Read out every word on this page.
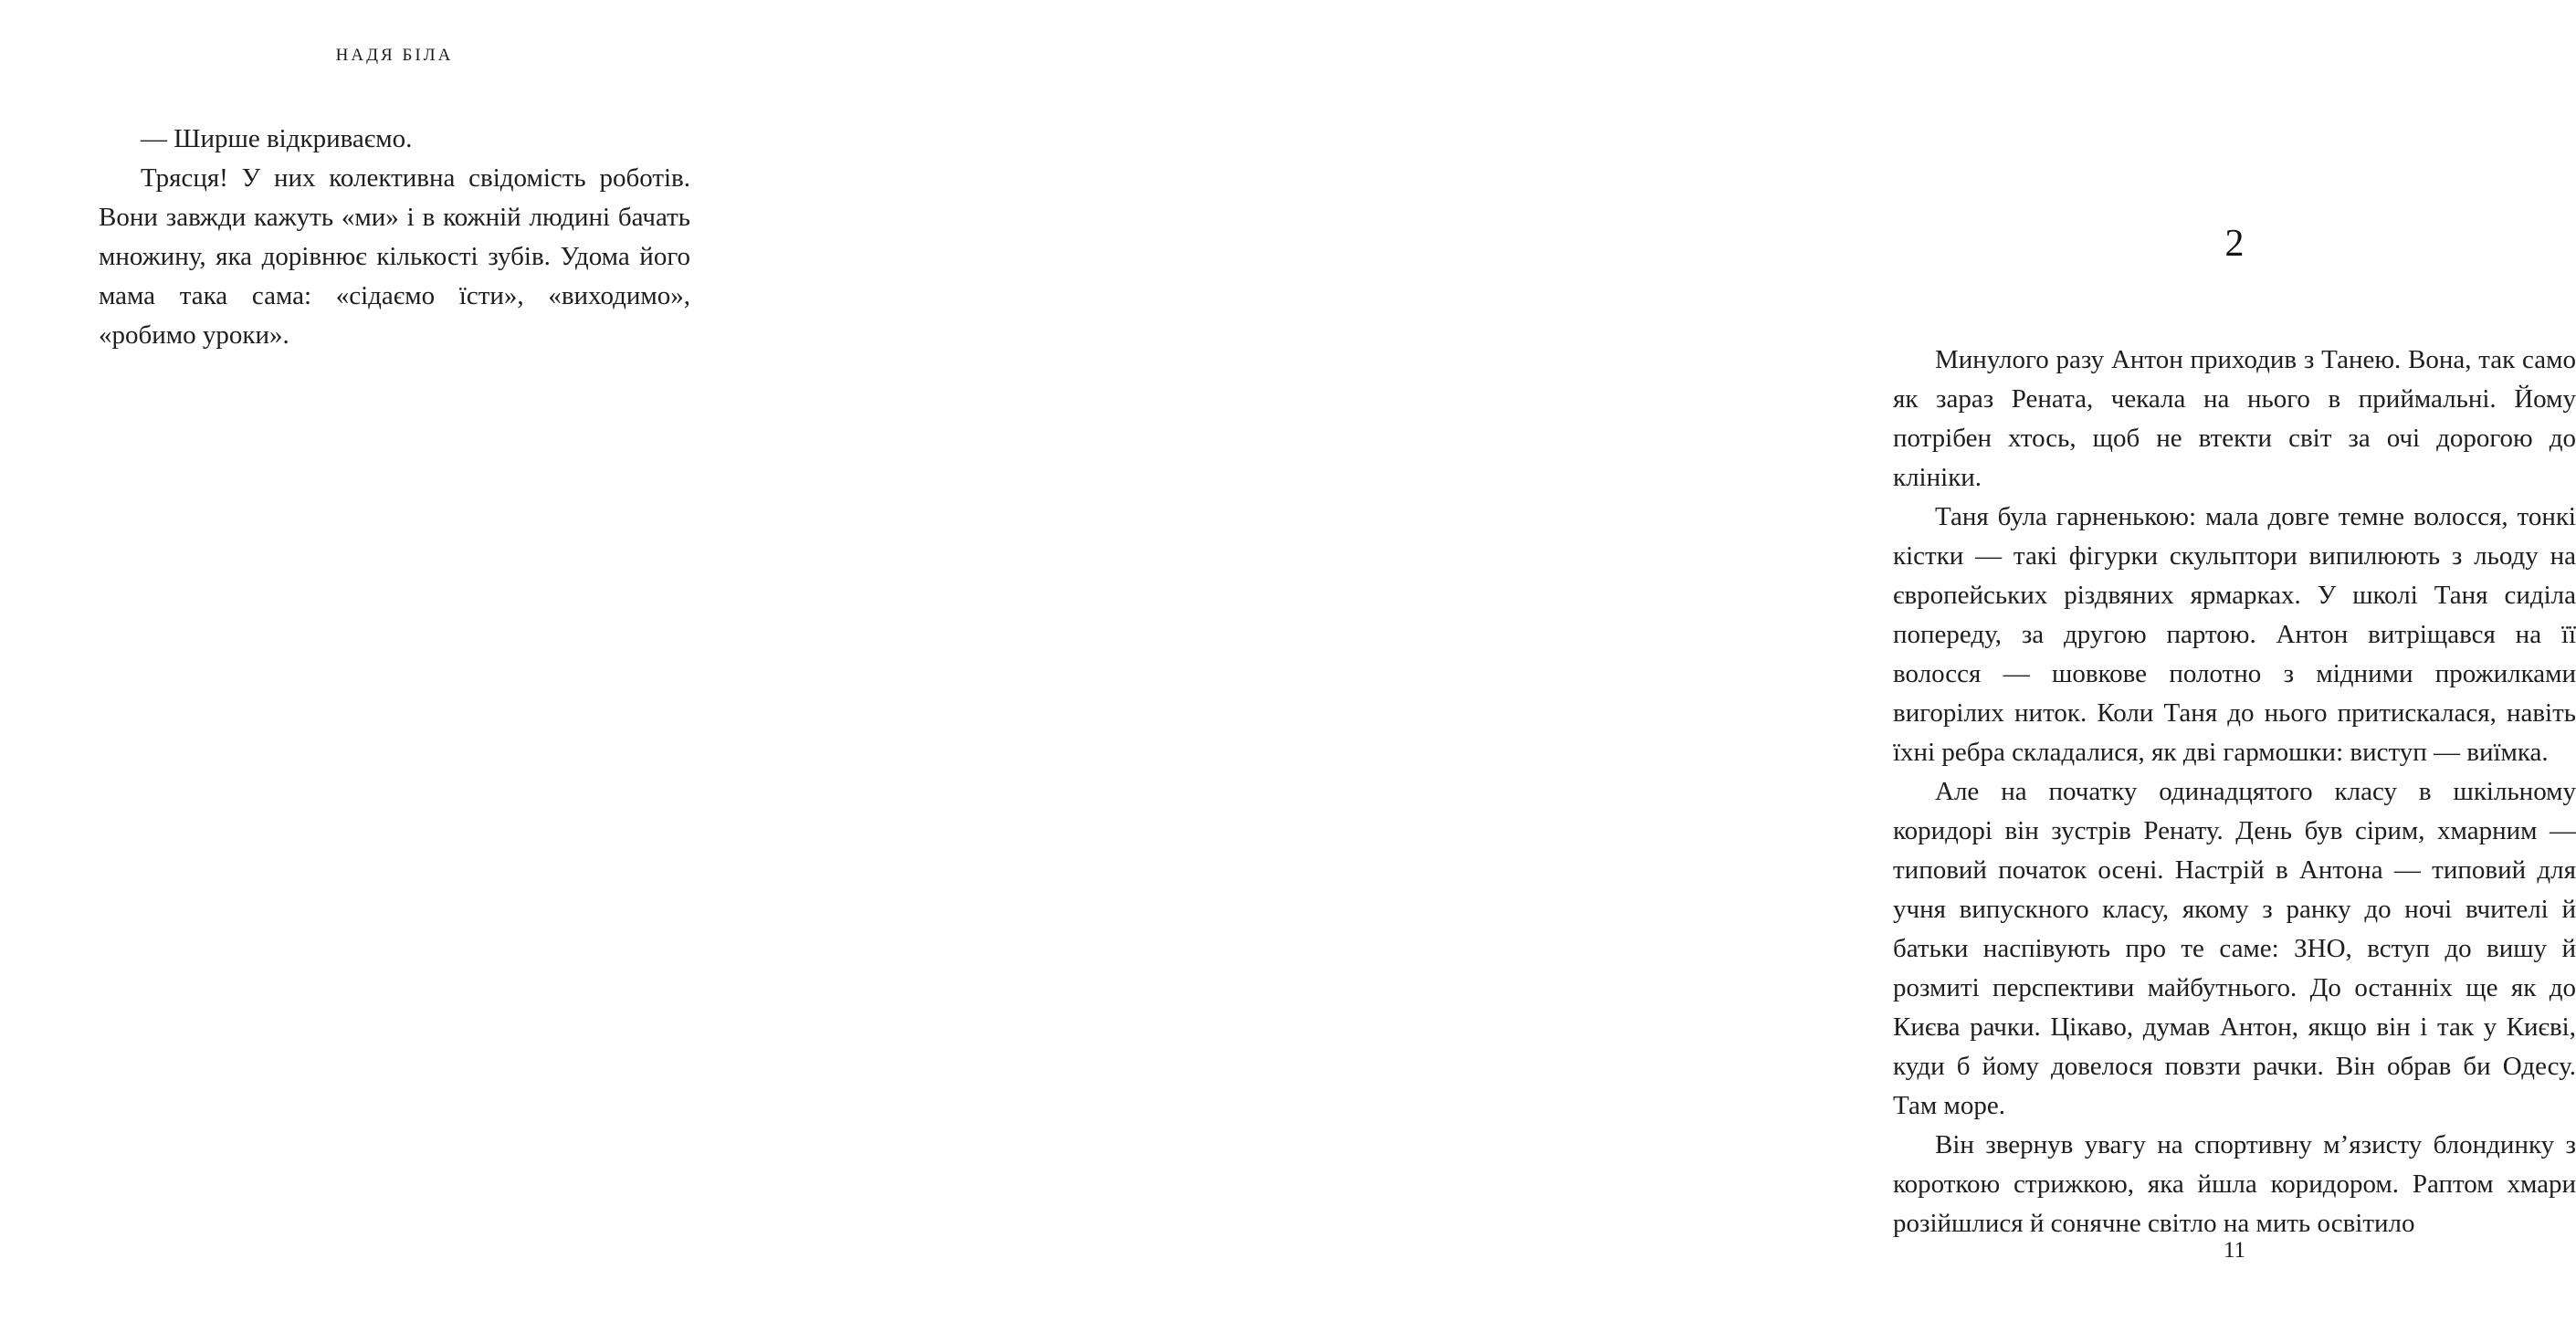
НАДЯ БІЛА

— Ширше відкриваємо.

Трясця! У них колективна свідомість роботів. Вони завжди кажуть «ми» і в кожній людині бачать множину, яка дорівнює кількості зубів. Удома його мама така сама: «сідаємо їсти», «виходимо», «робимо уроки».

2

Минулого разу Антон приходив з Танею. Вона, так само як зараз Рената, чекала на нього в приймальні. Йому потрібен хтось, щоб не втекти світ за очі дорогою до клініки.

Таня була гарненькою: мала довге темне волосся, тонкі кістки — такі фігурки скульптори випилюють з льоду на європейських різдвяних ярмарках. У школі Таня сиділа попереду, за другою партою. Антон витріщався на її волосся — шовкове полотно з мідними прожилками вигорілих ниток. Коли Таня до нього притискалася, навіть їхні ребра складалися, як дві гармошки: виступ — виїмка.

Але на початку одинадцятого класу в шкільному коридорі він зустрів Ренату. День був сірим, хмарним — типовий початок осені. Настрій в Антона — типовий для учня випускного класу, якому з ранку до ночі вчителі й батьки наспівують про те саме: ЗНО, вступ до вишу й розмиті перспективи майбутнього. До останніх ще як до Києва рачки. Цікаво, думав Антон, якщо він і так у Києві, куди б йому довелося повзти рачки. Він обрав би Одесу. Там море.

Він звернув увагу на спортивну м’язисту блондинку з короткою стрижкою, яка йшла коридором. Раптом хмари розійшлися й сонячне світло на мить освітило

11
